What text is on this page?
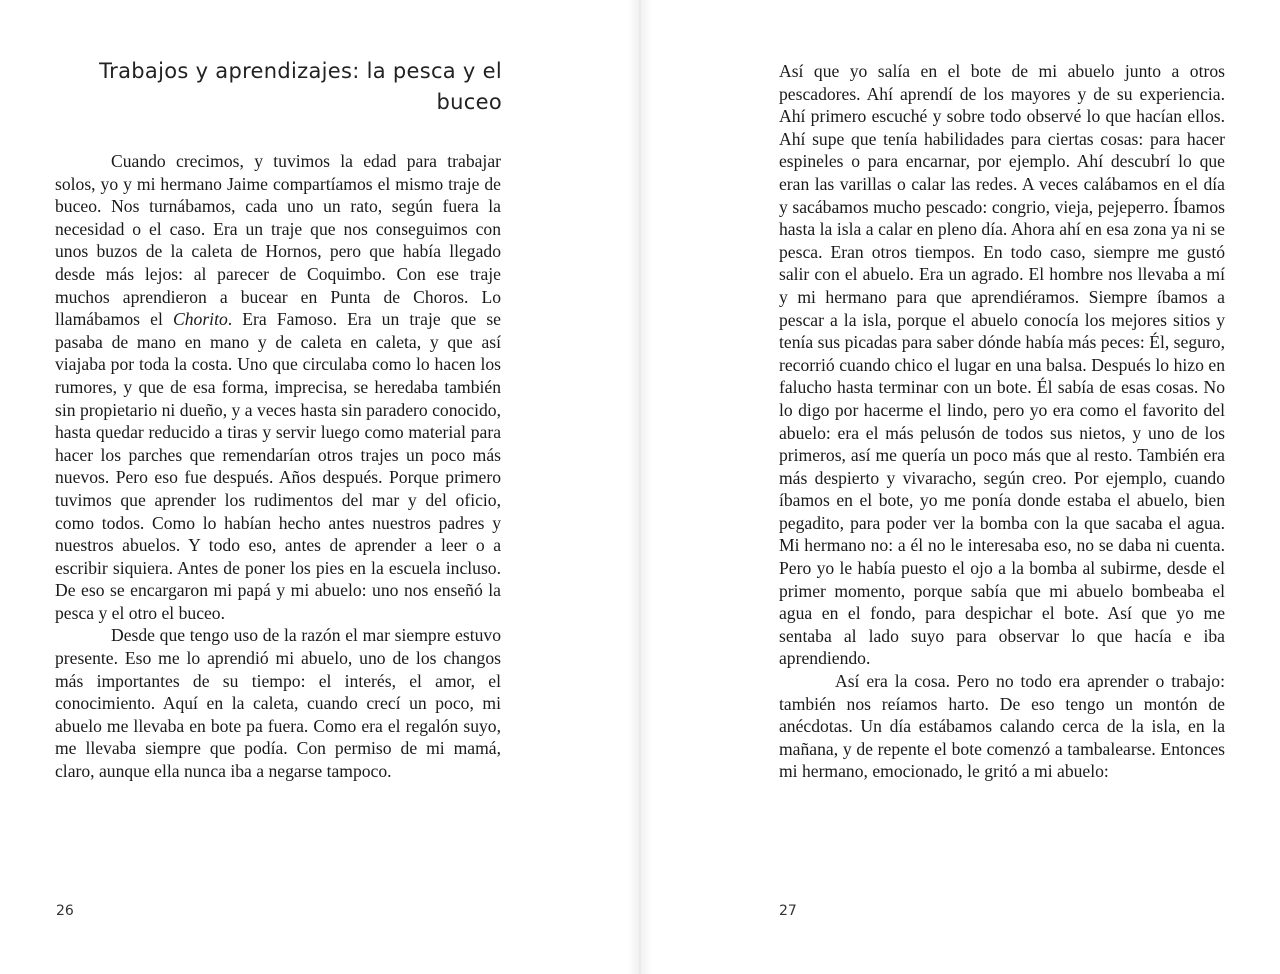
Trabajos y aprendizajes: la pesca y el buceo

Cuando crecimos, y tuvimos la edad para trabajar solos, yo y mi hermano Jaime compartíamos el mismo traje de buceo. Nos turnábamos, cada uno un rato, según fuera la necesidad o el caso. Era un traje que nos conseguimos con unos buzos de la caleta de Hornos, pero que había llegado desde más lejos: al parecer de Coquimbo. Con ese traje muchos aprendieron a bucear en Punta de Choros. Lo llamábamos el Chorito. Era Famoso. Era un traje que se pasaba de mano en mano y de caleta en caleta, y que así viajaba por toda la costa. Uno que circulaba como lo hacen los rumores, y que de esa forma, imprecisa, se heredaba también sin propietario ni dueño, y a veces hasta sin paradero conocido, hasta quedar reducido a tiras y servir luego como material para hacer los parches que remendarían otros trajes un poco más nuevos. Pero eso fue después. Años después. Porque primero tuvimos que aprender los rudimentos del mar y del oficio, como todos. Como lo habían hecho antes nuestros padres y nuestros abuelos. Y todo eso, antes de aprender a leer o a escribir siquiera. Antes de poner los pies en la escuela incluso. De eso se encargaron mi papá y mi abuelo: uno nos enseñó la pesca y el otro el buceo.

Desde que tengo uso de la razón el mar siempre estuvo presente. Eso me lo aprendió mi abuelo, uno de los changos más importantes de su tiempo: el interés, el amor, el conocimiento. Aquí en la caleta, cuando crecí un poco, mi abuelo me llevaba en bote pa fuera. Como era el regalón suyo, me llevaba siempre que podía. Con permiso de mi mamá, claro, aunque ella nunca iba a negarse tampoco.

26

Así que yo salía en el bote de mi abuelo junto a otros pescadores. Ahí aprendí de los mayores y de su experiencia. Ahí primero escuché y sobre todo observé lo que hacían ellos. Ahí supe que tenía habilidades para ciertas cosas: para hacer espineles o para encarnar, por ejemplo. Ahí descubrí lo que eran las varillas o calar las redes. A veces calábamos en el día y sacábamos mucho pescado: congrio, vieja, pejeperro. Íbamos hasta la isla a calar en pleno día. Ahora ahí en esa zona ya ni se pesca. Eran otros tiempos. En todo caso, siempre me gustó salir con el abuelo. Era un agrado. El hombre nos llevaba a mí y mi hermano para que aprendiéramos. Siempre íbamos a pescar a la isla, porque el abuelo conocía los mejores sitios y tenía sus picadas para saber dónde había más peces: Él, seguro, recorrió cuando chico el lugar en una balsa. Después lo hizo en falucho hasta terminar con un bote. Él sabía de esas cosas. No lo digo por hacerme el lindo, pero yo era como el favorito del abuelo: era el más pelusón de todos sus nietos, y uno de los primeros, así me quería un poco más que al resto. También era más despierto y vivaracho, según creo. Por ejemplo, cuando íbamos en el bote, yo me ponía donde estaba el abuelo, bien pegadito, para poder ver la bomba con la que sacaba el agua. Mi hermano no: a él no le interesaba eso, no se daba ni cuenta. Pero yo le había puesto el ojo a la bomba al subirme, desde el primer momento, porque sabía que mi abuelo bombeaba el agua en el fondo, para despichar el bote. Así que yo me sentaba al lado suyo para observar lo que hacía e iba aprendiendo.

Así era la cosa. Pero no todo era aprender o trabajo: también nos reíamos harto. De eso tengo un montón de anécdotas. Un día estábamos calando cerca de la isla, en la mañana, y de repente el bote comenzó a tambalearse. Entonces mi hermano, emocionado, le gritó a mi abuelo:

27
